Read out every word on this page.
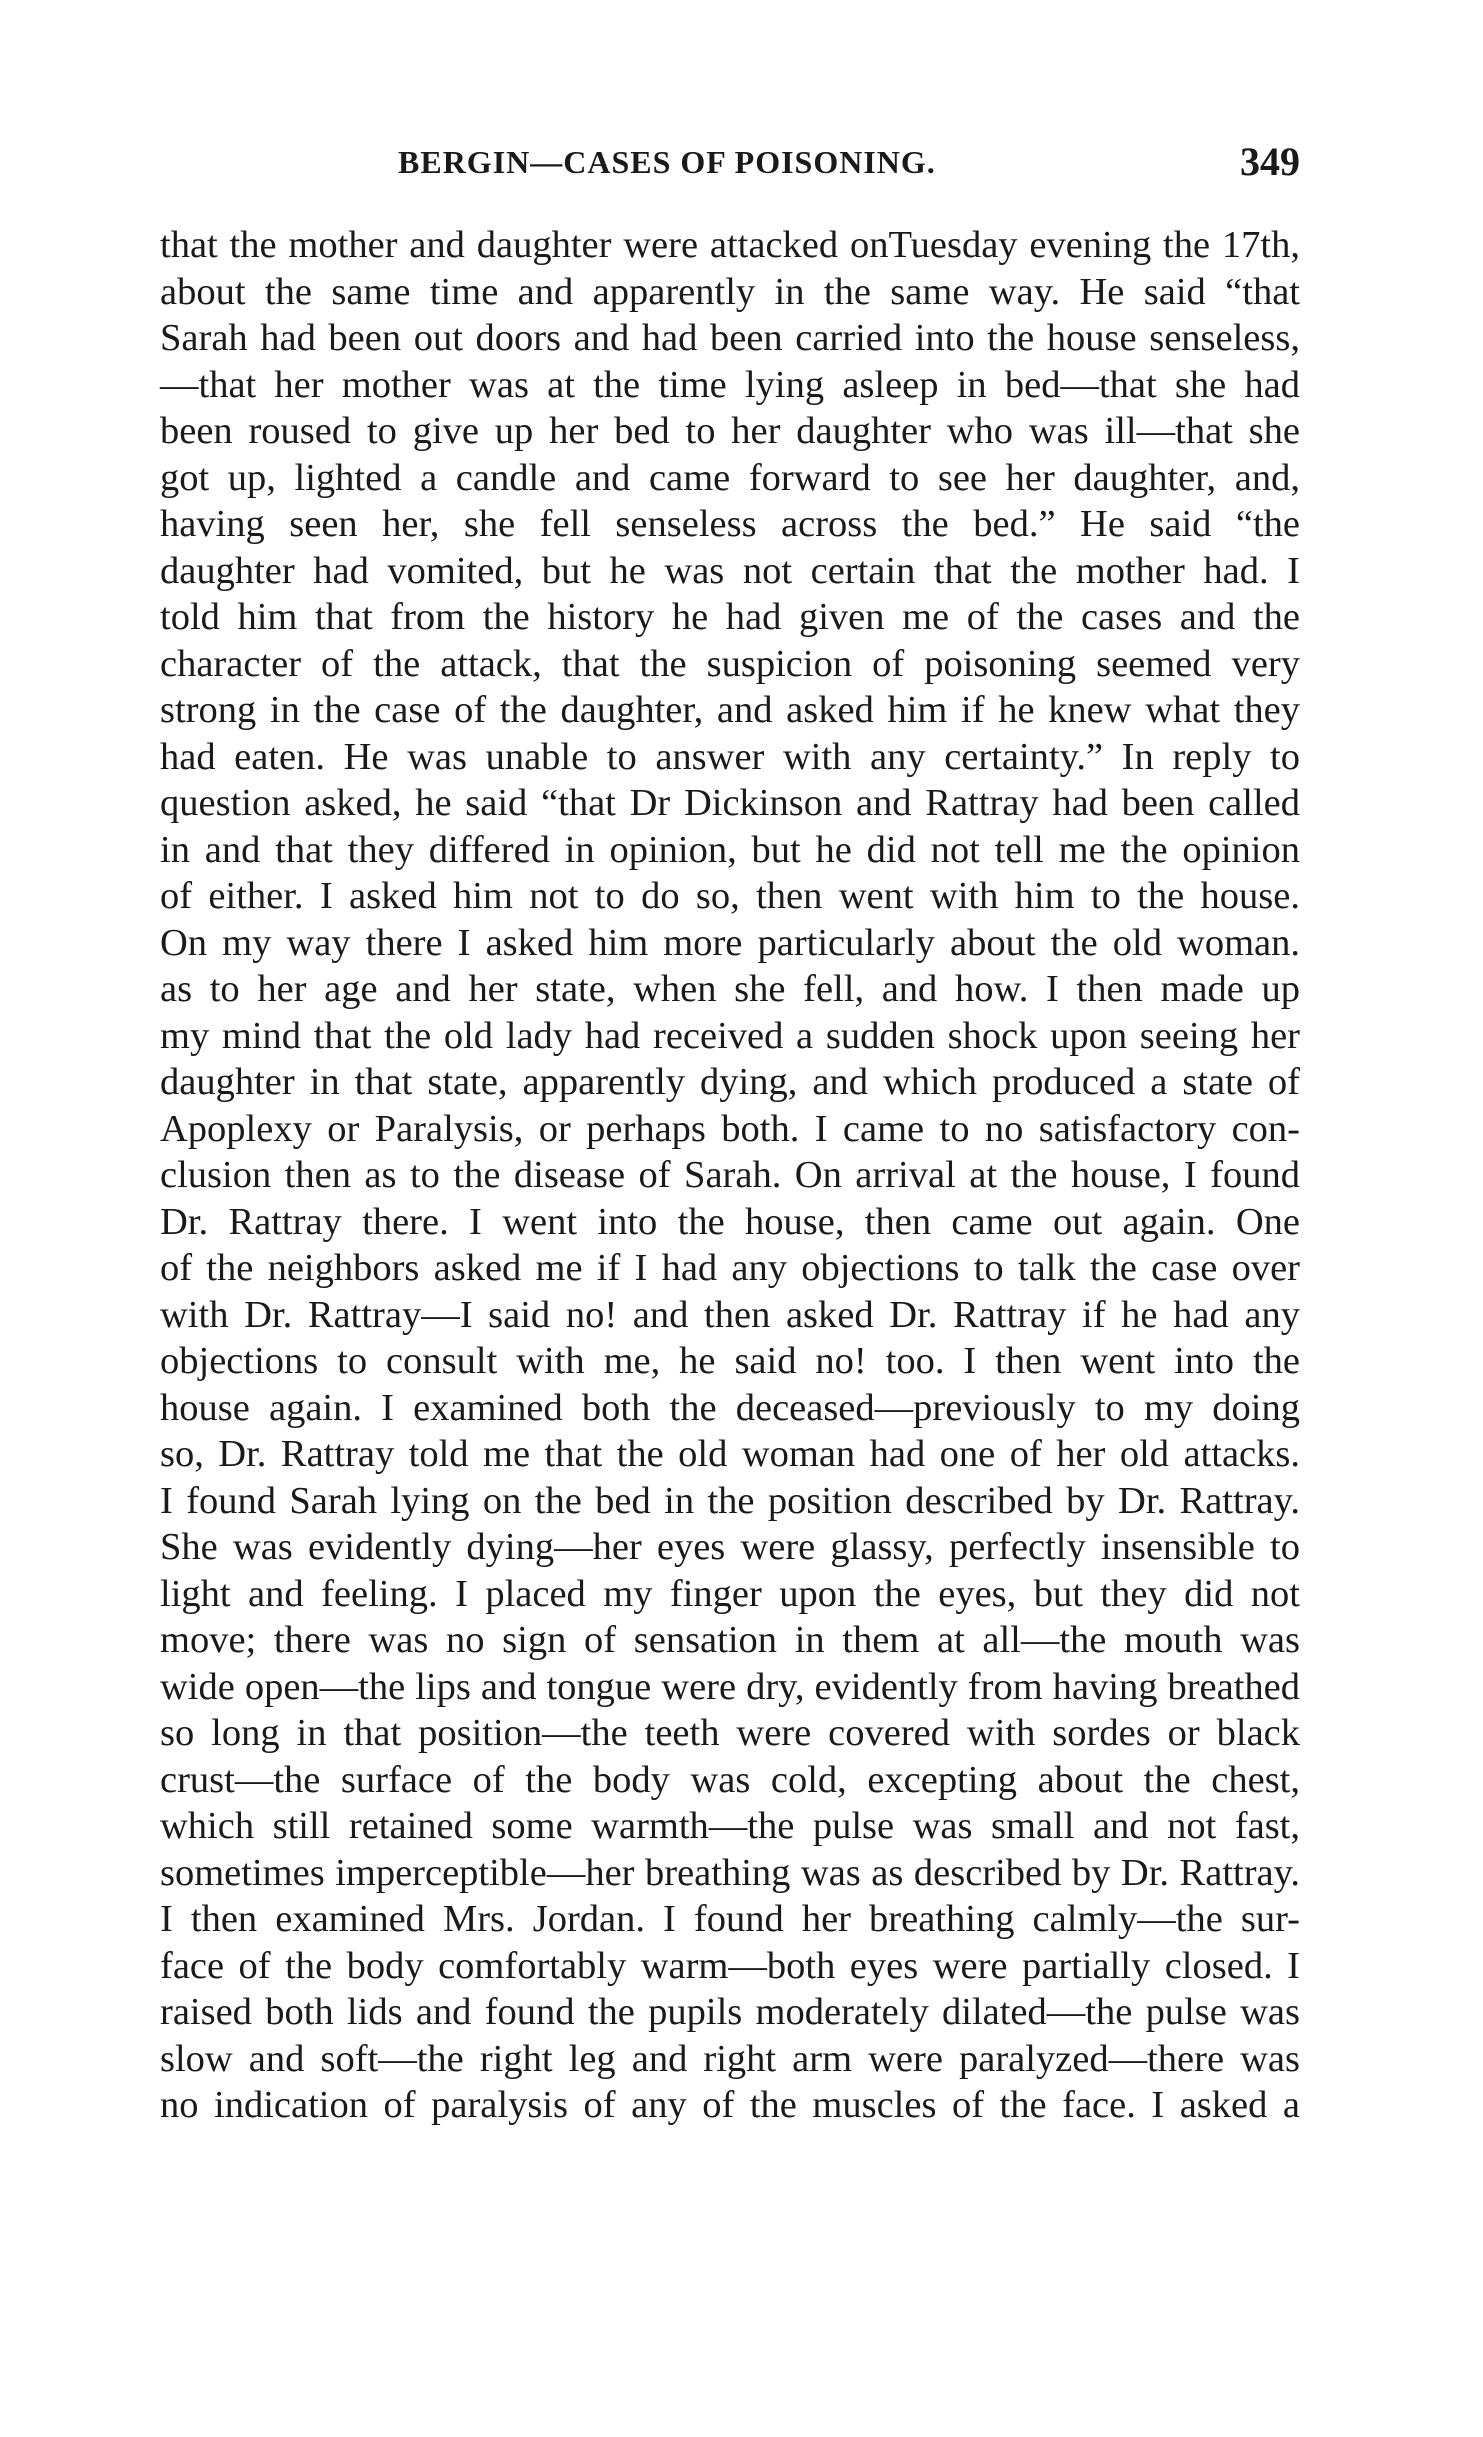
BERGIN—CASES OF POISONING.	349
that the mother and daughter were attacked onTuesday evening the 17th,
about the same time and apparently in the same way. He said “that
Sarah had been out doors and had been carried into the house senseless,
—that her mother was at the time lying asleep in bed—that she had
been roused to give up her bed to her daughter who was ill—that she
got up, lighted a candle and came forward to see her daughter, and,
having seen her, she fell senseless across the bed.” He said “the
daughter had vomited, but he was not certain that the mother had. I
told him that from the history he had given me of the cases and the
character of the attack, that the suspicion of poisoning seemed very
strong in the case of the daughter, and asked him if he knew what they
had eaten. He was unable to answer with any certainty.” In reply to
question asked, he said “that Dr Dickinson and Rattray had been called
in and that they differed in opinion, but he did not tell me the opinion
of either. I asked him not to do so, then went with him to the house.
On my way there I asked him more particularly about the old woman.
as to her age and her state, when she fell, and how. I then made up
my mind that the old lady had received a sudden shock upon seeing her
daughter in that state, apparently dying, and which produced a state of
Apoplexy or Paralysis, or perhaps both. I came to no satisfactory con-
clusion then as to the disease of Sarah. On arrival at the house, I found
Dr. Rattray there. I went into the house, then came out again. One
of the neighbors asked me if I had any objections to talk the case over
with Dr. Rattray—I said no! and then asked Dr. Rattray if he had any
objections to consult with me, he said no! too. I then went into the
house again. I examined both the deceased—previously to my doing
so, Dr. Rattray told me that the old woman had one of her old attacks.
I found Sarah lying on the bed in the position described by Dr. Rattray.
She was evidently dying—her eyes were glassy, perfectly insensible to
light and feeling. I placed my finger upon the eyes, but they did not
move; there was no sign of sensation in them at all—the mouth was
wide open—the lips and tongue were dry, evidently from having breathed
so long in that position—the teeth were covered with sordes or black
crust—the surface of the body was cold, excepting about the chest,
which still retained some warmth—the pulse was small and not fast,
sometimes imperceptible—her breathing was as described by Dr. Rattray.
I then examined Mrs. Jordan. I found her breathing calmly—the sur-
face of the body comfortably warm—both eyes were partially closed. I
raised both lids and found the pupils moderately dilated—the pulse was
slow and soft—the right leg and right arm were paralyzed—there was
no indication of paralysis of any of the muscles of the face. I asked a
